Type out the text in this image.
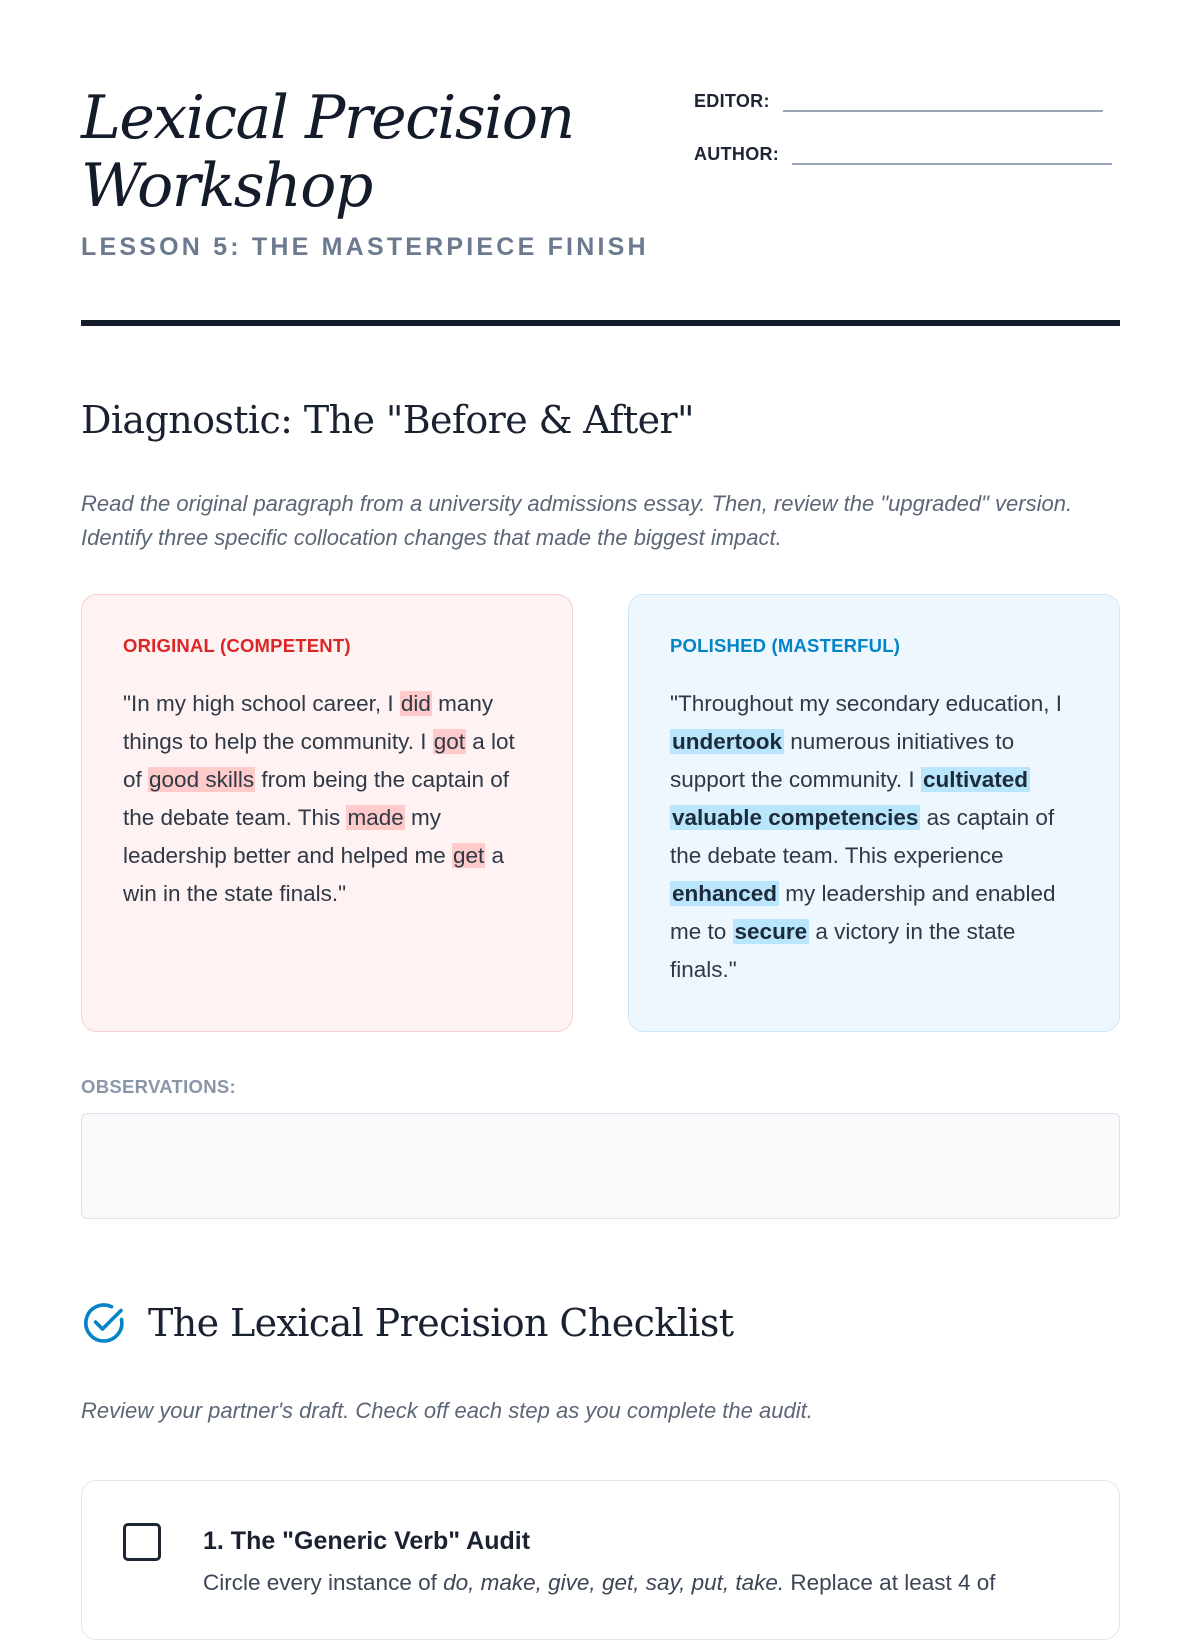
Lexical Precision
Workshop
LESSON 5: THE MASTERPIECE FINISH
EDITOR:
AUTHOR:
Diagnostic: The "Before & After"

Read the original paragraph from a university admissions essay. Then, review the "upgraded" version. Identify three specific collocation changes that made the biggest impact.

ORIGINAL (COMPETENT)
"In my high school career, I did many things to help the community. I got a lot of good skills from being the captain of the debate team. This made my leadership better and helped me get a win in the state finals."
POLISHED (MASTERFUL)
"Throughout my secondary education, I undertook numerous initiatives to support the community. I cultivated valuable competencies as captain of the debate team. This experience enhanced my leadership and enabled me to secure a victory in the state finals."
OBSERVATIONS:
The Lexical Precision Checklist

Review your partner's draft. Check off each step as you complete the audit.

1. The "Generic Verb" Audit
Circle every instance of do, make, give, get, say, put, take. Replace at least 4 of
